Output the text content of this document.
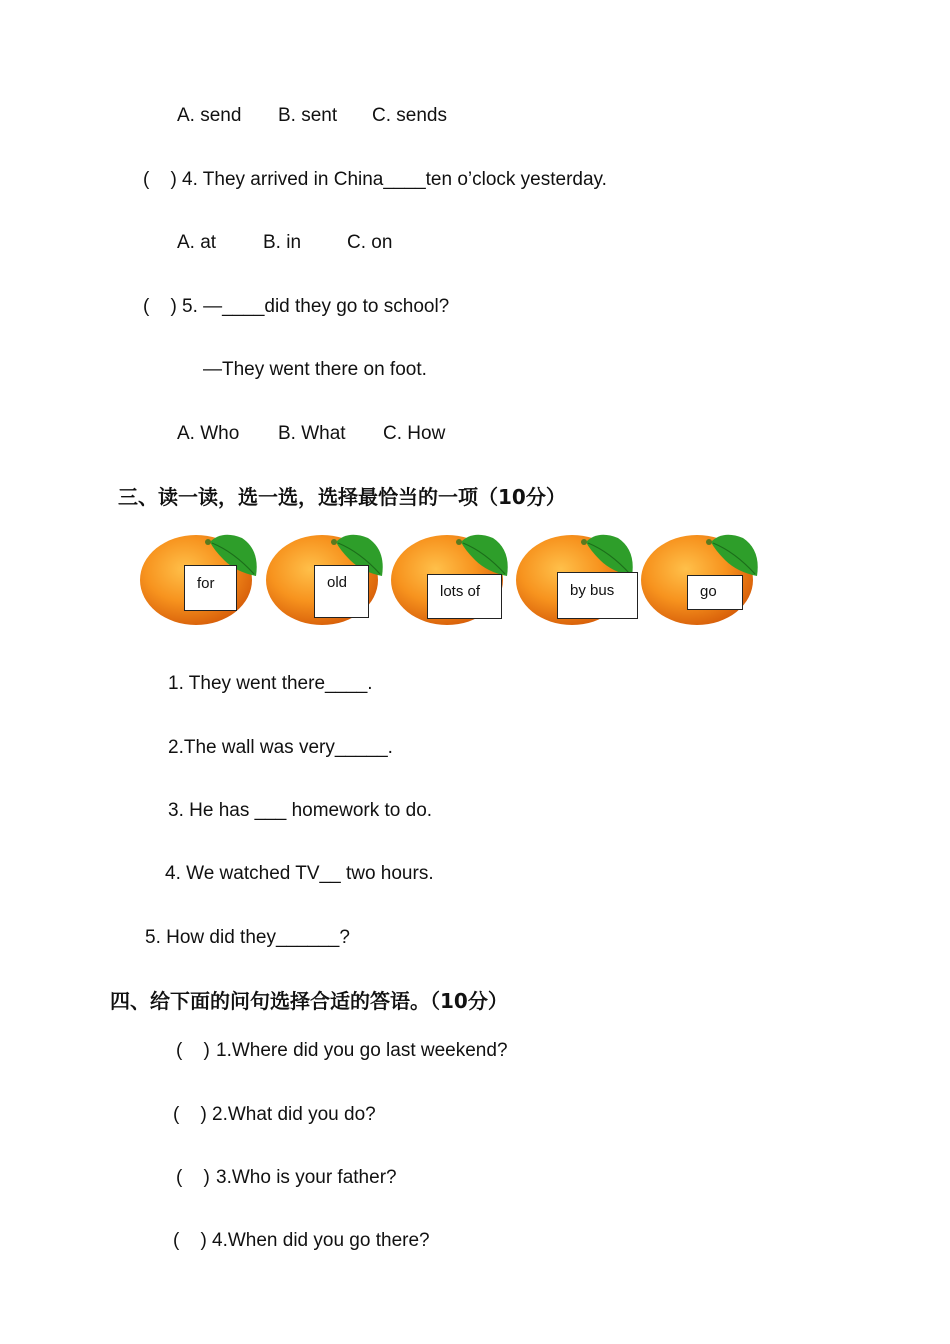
A. send B. sent C. sends
(    ) 4. They arrived in China____ten o’clock yesterday.
A. at B. in C. on
(    ) 5. —____did they go to school?
—They went there on foot.
A. Who B. What C. How
三、读一读，选一选，选择最恰当的一项（10分）
for	old
lots of	by bus	go
1. They went there____.
2.The wall was very_____.
3. He has ___ homework to do.
4. We watched TV__ two hours.
5. How did they______?
四、给下面的问句选择合适的答语。（10分）
(    ) 1.Where did you go last weekend?
(    ) 2.What did you do?
(    ) 3.Who is your father?
(    ) 4.When did you go there?
